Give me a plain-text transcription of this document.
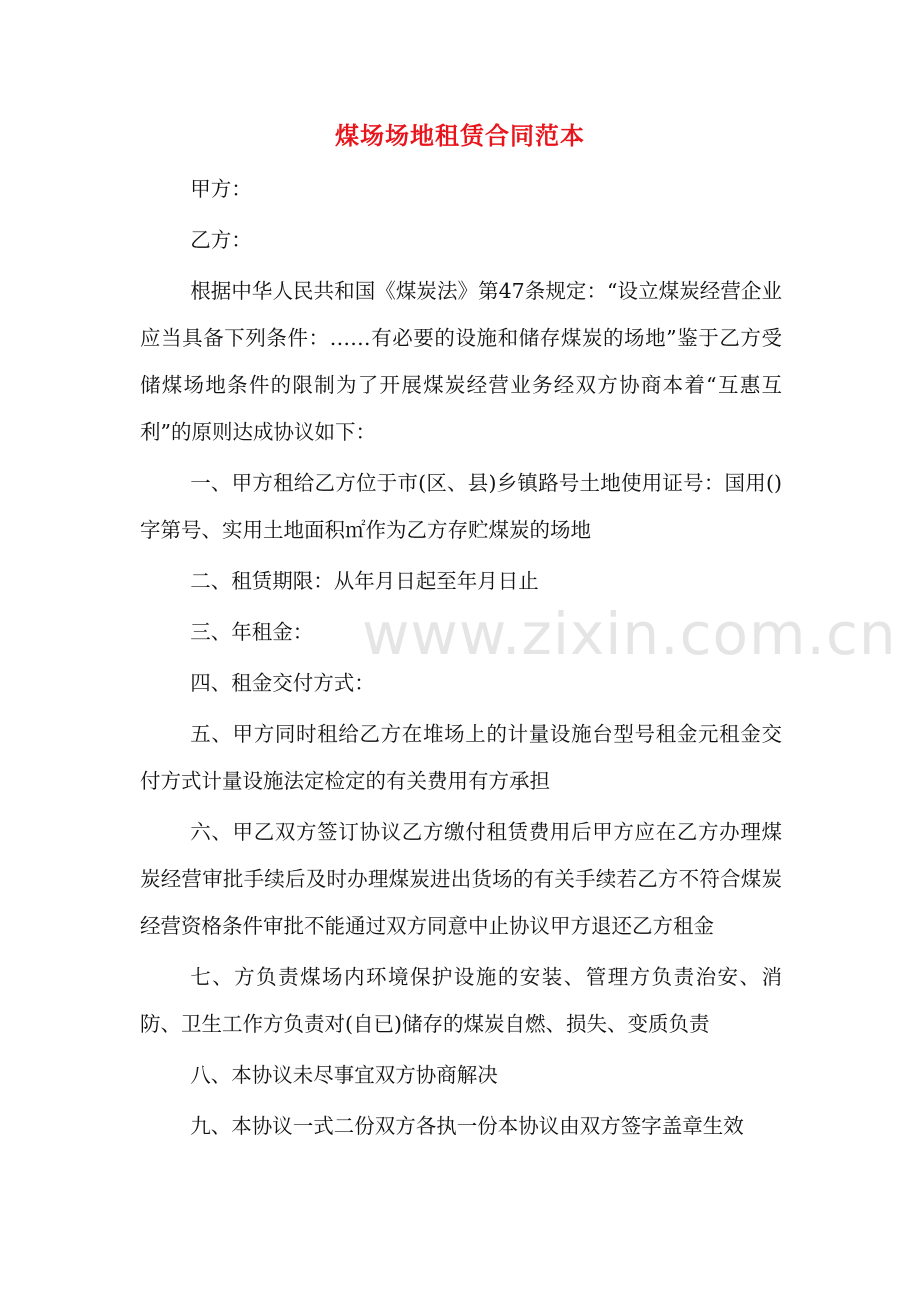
煤场场地租赁合同范本

甲方：

乙方：

根据中华人民共和国《煤炭法》第47条规定：“设立煤炭经营企业应当具备下列条件：……有必要的设施和储存煤炭的场地”鉴于乙方受储煤场地条件的限制为了开展煤炭经营业务经双方协商本着“互惠互利”的原则达成协议如下：

一、甲方租给乙方位于市(区、县)乡镇路号土地使用证号：国用()字第号、实用土地面积㎡作为乙方存贮煤炭的场地

二、租赁期限：从年月日起至年月日止

三、年租金：

四、租金交付方式：

五、甲方同时租给乙方在堆场上的计量设施台型号租金元租金交付方式计量设施法定检定的有关费用有方承担

六、甲乙双方签订协议乙方缴付租赁费用后甲方应在乙方办理煤炭经营审批手续后及时办理煤炭进出货场的有关手续若乙方不符合煤炭经营资格条件审批不能通过双方同意中止协议甲方退还乙方租金

七、方负责煤场内环境保护设施的安装、管理方负责治安、消防、卫生工作方负责对(自已)储存的煤炭自燃、损失、变质负责

八、本协议未尽事宜双方协商解决

九、本协议一式二份双方各执一份本协议由双方签字盖章生效

www.zixin.com.cn
